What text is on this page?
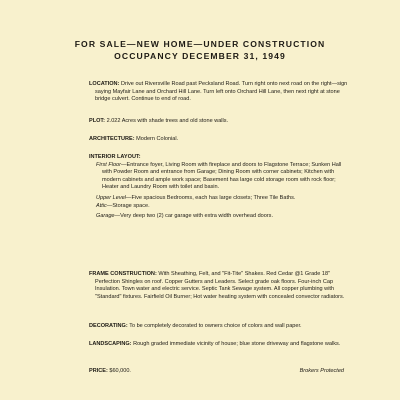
FOR SALE—NEW HOME—UNDER CONSTRUCTION
OCCUPANCY DECEMBER 31, 1949
LOCATION: Drive out Riversville Road past Pecksland Road. Turn right onto next road on the right—sign saying Mayfair Lane and Orchard Hill Lane. Turn left onto Orchard Hill Lane, then next right at stone bridge culvert. Continue to end of road.
PLOT: 2.022 Acres with shade trees and old stone walls.
ARCHITECTURE: Modern Colonial.
INTERIOR LAYOUT:
First Floor—Entrance foyer, Living Room with fireplace and doors to Flagstone Terrace; Sunken Hall with Powder Room and entrance from Garage; Dining Room with corner cabinets; Kitchen with modern cabinets and ample work space; Basement has large cold storage room with rock floor; Heater and Laundry Room with toilet and basin.
Upper Level—Five spacious Bedrooms, each has large closets; Three Tile Baths.
Attic—Storage space.
Garage—Very deep two (2) car garage with extra width overhead doors.
FRAME CONSTRUCTION: With Sheathing, Felt, and "Fit-Tite" Shakes. Red Cedar @1 Grade 18" Perfection Shingles on roof. Copper Gutters and Leaders. Select grade oak floors. Four-inch Cap Insulation. Town water and electric service. Septic Tank Sewage system. All copper plumbing with "Standard" fixtures. Fairfield Oil Burner; Hot water heating system with concealed convector radiators.
DECORATING: To be completely decorated to owners choice of colors and wall paper.
LANDSCAPING: Rough graded immediate vicinity of house; blue stone driveway and flagstone walks.
PRICE: $60,000.	Brokers Protected
